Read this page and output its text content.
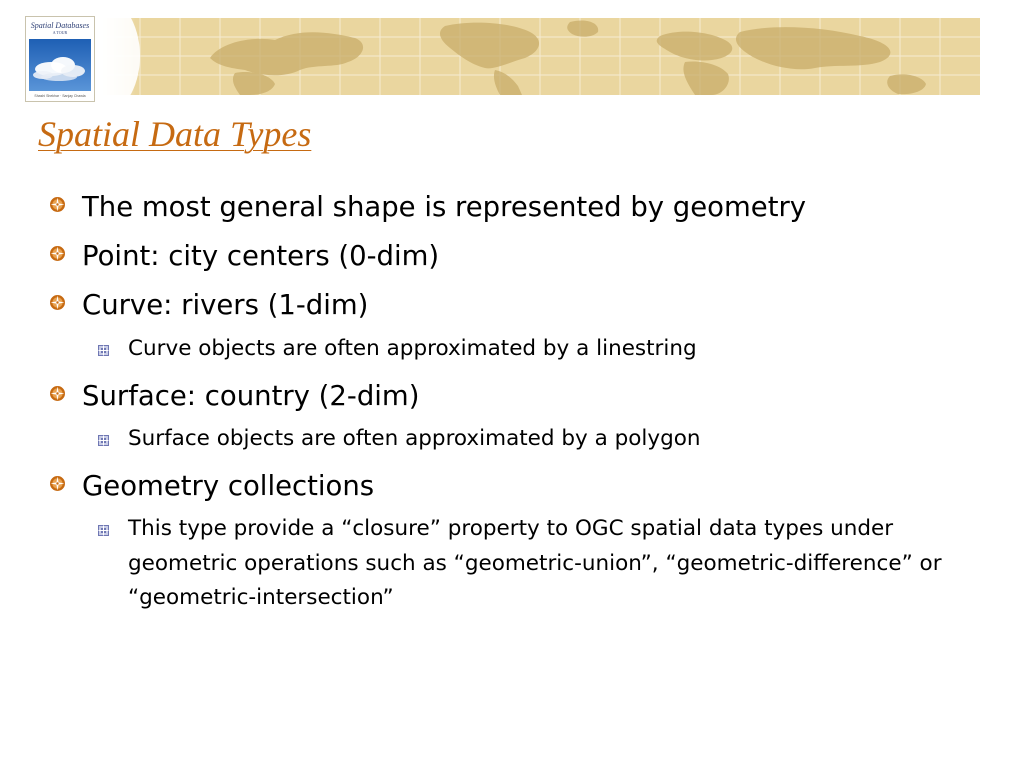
Spatial Databases
A TOUR
Shashi Shekhar · Sanjay Chawla
Spatial Data Types
The most general shape is represented by geometry
Point: city centers (0-dim)
Curve: rivers (1-dim)
Curve objects are often approximated by a linestring
Surface: country (2-dim)
Surface objects are often approximated by a polygon
Geometry collections
This type provide a “closure” property to OGC spatial data types under geometric operations such as “geometric-union”, “geometric-difference” or “geometric-intersection”
